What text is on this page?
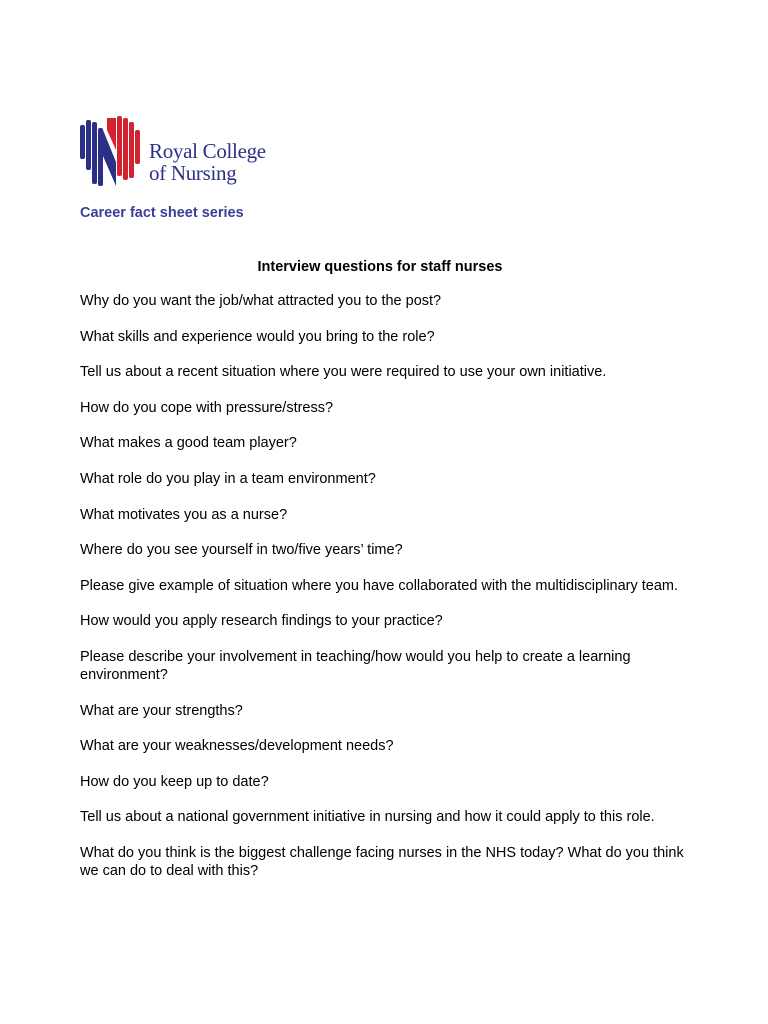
Royal College
of Nursing
Career fact sheet series
Interview questions for staff nurses
Why do you want the job/what attracted you to the post?
What skills and experience would you bring to the role?
Tell us about a recent situation where you were required to use your own initiative.
How do you cope with pressure/stress?
What makes a good team player?
What role do you play in a team environment?
What motivates you as a nurse?
Where do you see yourself in two/five years’ time?
Please give example of situation where you have collaborated with the multidisciplinary team.
How would you apply research findings to your practice?
Please describe your involvement in teaching/how would you help to create a learning environment?
What are your strengths?
What are your weaknesses/development needs?
How do you keep up to date?
Tell us about a national government initiative in nursing and how it could apply to this role.
What do you think is the biggest challenge facing nurses in the NHS today? What do you think we can do to deal with this?
